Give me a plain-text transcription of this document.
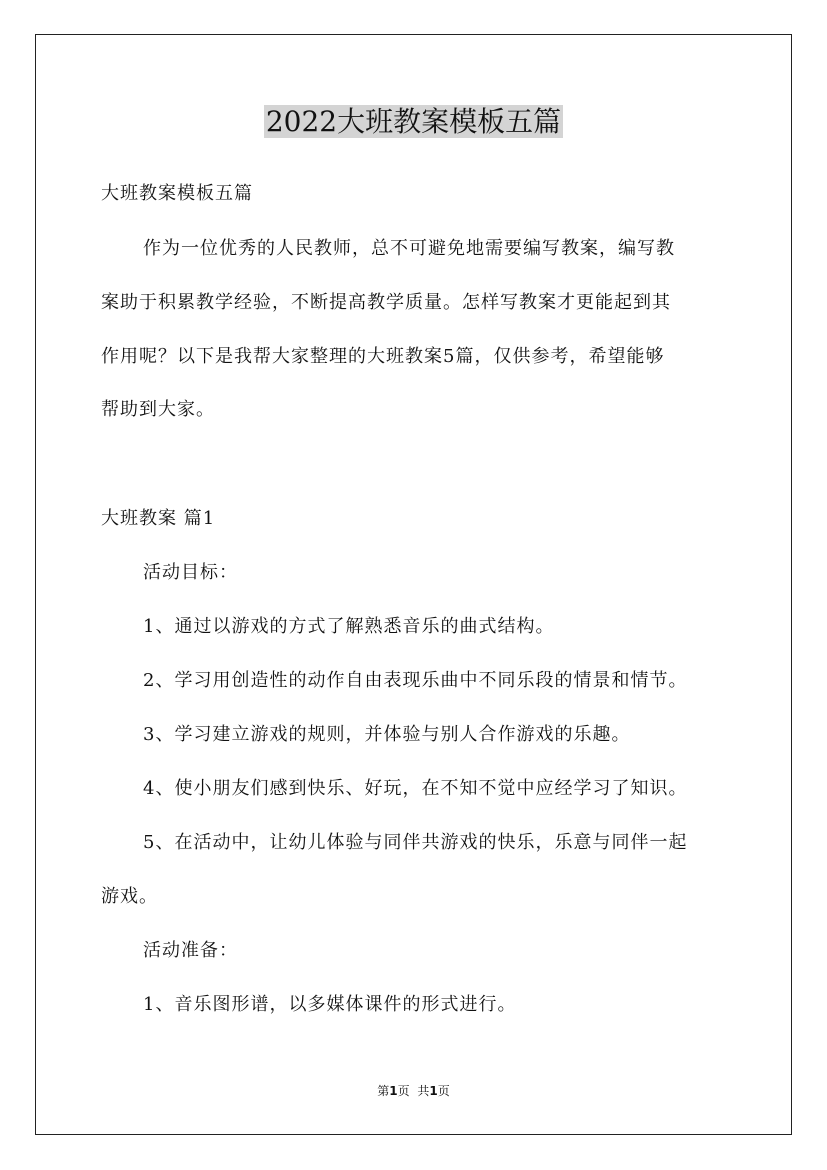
2022大班教案模板五篇
大班教案模板五篇
作为一位优秀的人民教师，总不可避免地需要编写教案，编写教
案助于积累教学经验，不断提高教学质量。怎样写教案才更能起到其
作用呢？以下是我帮大家整理的大班教案5篇，仅供参考，希望能够
帮助到大家。
大班教案 篇1
活动目标：
1、通过以游戏的方式了解熟悉音乐的曲式结构。
2、学习用创造性的动作自由表现乐曲中不同乐段的情景和情节。
3、学习建立游戏的规则，并体验与别人合作游戏的乐趣。
4、使小朋友们感到快乐、好玩，在不知不觉中应经学习了知识。
5、在活动中，让幼儿体验与同伴共游戏的快乐，乐意与同伴一起
游戏。
活动准备：
1、音乐图形谱，以多媒体课件的形式进行。
第1页 共1页
